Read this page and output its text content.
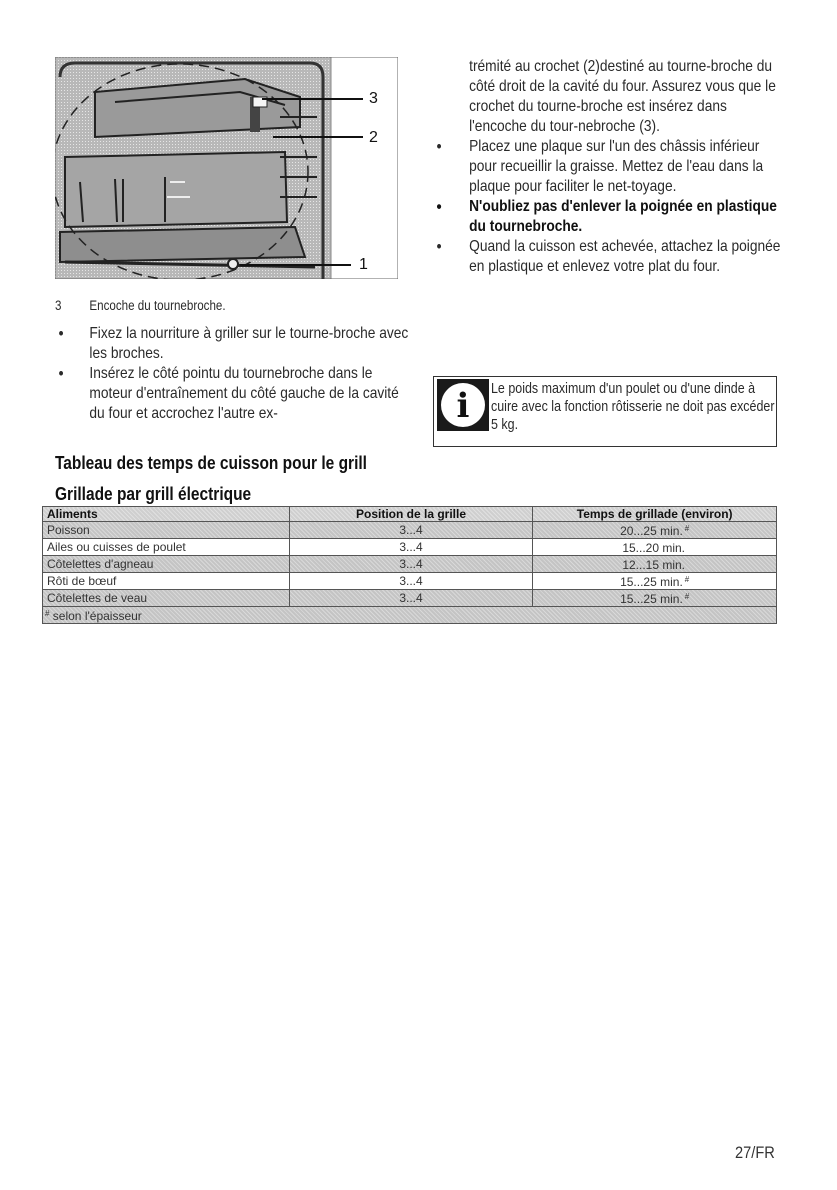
3
2
1
3	Encoche du tournebroche.
• Fixez la nourriture à griller sur le tourne-broche avec les broches.
• Insérez le côté pointu du tournebroche dans le moteur d'entraînement du côté gauche de la cavité du four et accrochez l'autre ex-
trémité au crochet (2)destiné au tourne-broche du côté droit de la cavité du four. Assurez vous que le crochet du tourne-broche est insérez dans l'encoche du tour-nebroche (3).
• Placez une plaque sur l'un des châssis inférieur pour recueillir la graisse. Mettez de l'eau dans la plaque pour faciliter le net-toyage.
• N'oubliez pas d'enlever la poignée en plastique du tournebroche.
• Quand la cuisson est achevée, attachez la poignée en plastique et enlevez votre plat du four.
i	Le poids maximum d'un poulet ou d'une dinde à cuire avec la fonction rôtisserie ne doit pas excéder 5 kg.
Tableau des temps de cuisson pour le grill
Grillade par grill électrique
Aliments	Position de la grille	Temps de grillade (environ)
Poisson	3...4	20...25 min. #
Ailes ou cuisses de poulet	3...4	15...20 min.
Côtelettes d'agneau	3...4	12...15 min.
Rôti de bœuf	3...4	15...25 min. #
Côtelettes de veau	3...4	15...25 min. #
# selon l'épaisseur		
27/FR
